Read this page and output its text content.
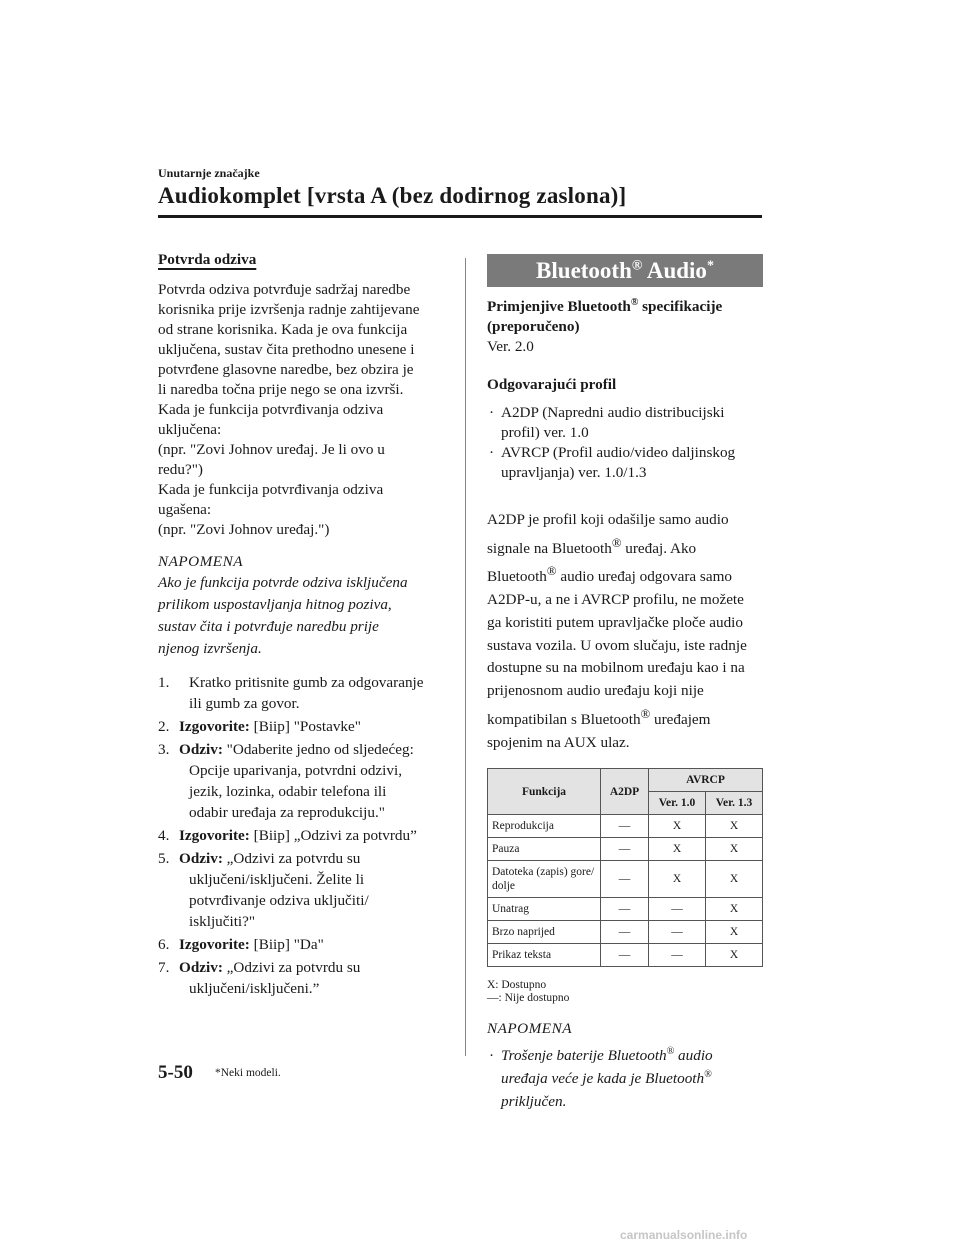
Unutarnje značajke
Audiokomplet [vrsta A (bez dodirnog zaslona)]
Potvrda odziva
Potvrda odziva potvrđuje sadržaj naredbe
korisnika prije izvršenja radnje zahtijevane
od strane korisnika. Kada je ova funkcija
uključena, sustav čita prethodno unesene i
potvrđene glasovne naredbe, bez obzira je
li naredba točna prije nego se ona izvrši.
Kada je funkcija potvrđivanja odziva
uključena:
(npr. "Zovi Johnov uređaj. Je li ovo u
redu?")
Kada je funkcija potvrđivanja odziva
ugašena:
(npr. "Zovi Johnov uređaj.")
NAPOMENA
Ako je funkcija potvrde odziva isključena
prilikom uspostavljanja hitnog poziva,
sustav čita i potvrđuje naredbu prije
njenog izvršenja.
1. Kratko pritisnite gumb za odgovaranje
ili gumb za govor.
2. Izgovorite: [Biip] "Postavke"
3. Odziv: "Odaberite jedno od sljedećeg:
Opcije uparivanja, potvrdni odzivi,
jezik, lozinka, odabir telefona ili
odabir uređaja za reprodukciju."
4. Izgovorite: [Biip] „Odzivi za potvrdu”
5. Odziv: „Odzivi za potvrdu su
uključeni/isključeni. Želite li
potvrđivanje odziva uključiti/
isključiti?"
6. Izgovorite: [Biip] "Da"
7. Odziv: „Odzivi za potvrdu su
uključeni/isključeni.”
Bluetooth® Audio*
Primjenjive Bluetooth® specifikacije
(preporučeno)
Ver. 2.0
Odgovarajući profil
· A2DP (Napredni audio distribucijski
profil) ver. 1.0
· AVRCP (Profil audio/video daljinskog
upravljanja) ver. 1.0/1.3
A2DP je profil koji odašilje samo audio
signale na Bluetooth® uređaj. Ako
Bluetooth® audio uređaj odgovara samo
A2DP-u, a ne i AVRCP profilu, ne možete
ga koristiti putem upravljačke ploče audio
sustava vozila. U ovom slučaju, iste radnje
dostupne su na mobilnom uređaju kao i na
prijenosnom audio uređaju koji nije
kompatibilan s Bluetooth® uređajem
spojenim na AUX ulaz.
Funkcija	A2DP	AVRCP	
		Ver. 1.0	Ver. 1.3
Reprodukcija	—	X	X
Pauza	—	X	X
Datoteka (zapis) gore/ dolje	—	X	X
Unatrag	—	—	X
Brzo naprijed	—	—	X
Prikaz teksta	—	—	X
X: Dostupno
—: Nije dostupno
NAPOMENA
· Trošenje baterije Bluetooth® audio
uređaja veće je kada je Bluetooth®
priključen.
5-50 *Neki modeli.
carmanualsonline.info
